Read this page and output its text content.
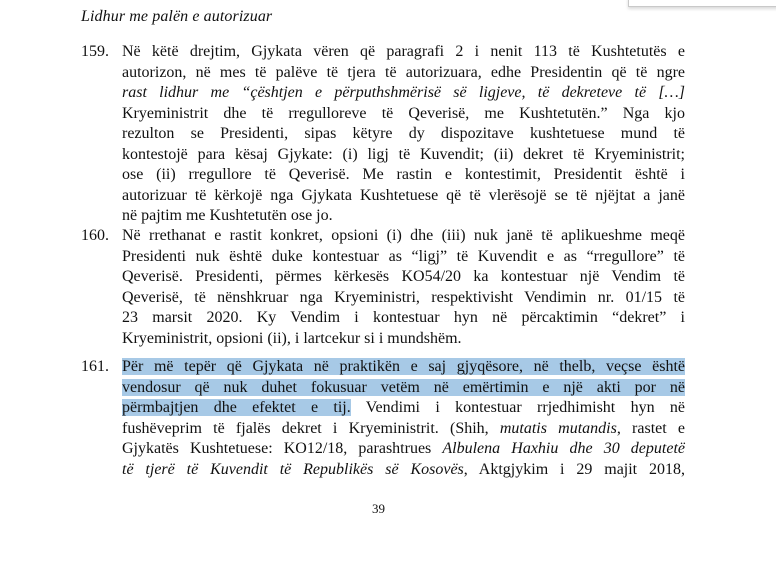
Lidhur me palën e autorizuar
159. Në këtë drejtim, Gjykata vëren që paragrafi 2 i nenit 113 të Kushtetutës e
autorizon, në mes të palëve të tjera të autorizuara, edhe Presidentin që të ngre
rast lidhur me “çështjen e përputhshmërisë së ligjeve, të dekreteve të […]
Kryeministrit dhe të rregulloreve të Qeverisë, me Kushtetutën.” Nga kjo
rezulton se Presidenti, sipas këtyre dy dispozitave kushtetuese mund të
kontestojë para kësaj Gjykate: (i) ligj të Kuvendit; (ii) dekret të Kryeministrit;
ose (ii) rregullore të Qeverisë. Me rastin e kontestimit, Presidentit është i
autorizuar të kërkojë nga Gjykata Kushtetuese që të vlerësojë se të njëjtat a janë
në pajtim me Kushtetutën ose jo.
160. Në rrethanat e rastit konkret, opsioni (i) dhe (iii) nuk janë të aplikueshme meqë
Presidenti nuk është duke kontestuar as “ligj” të Kuvendit e as “rregullore” të
Qeverisë. Presidenti, përmes kërkesës KO54/20 ka kontestuar një Vendim të
Qeverisë, të nënshkruar nga Kryeministri, respektivisht Vendimin nr. 01/15 të
23 marsit 2020. Ky Vendim i kontestuar hyn në përcaktimin “dekret” i
Kryeministrit, opsioni (ii), i lartcekur si i mundshëm.
161. Për më tepër që Gjykata në praktikën e saj gjyqësore, në thelb, veçse është
vendosur që nuk duhet fokusuar vetëm në emërtimin e një akti por në
përmbajtjen dhe efektet e tij. Vendimi i kontestuar rrjedhimisht hyn në
fushëveprim të fjalës dekret i Kryeministrit. (Shih, mutatis mutandis, rastet e
Gjykatës Kushtetuese: KO12/18, parashtrues Albulena Haxhiu dhe 30 deputetë
të tjerë të Kuvendit të Republikës së Kosovës, Aktgjykim i 29 majit 2018,
39
